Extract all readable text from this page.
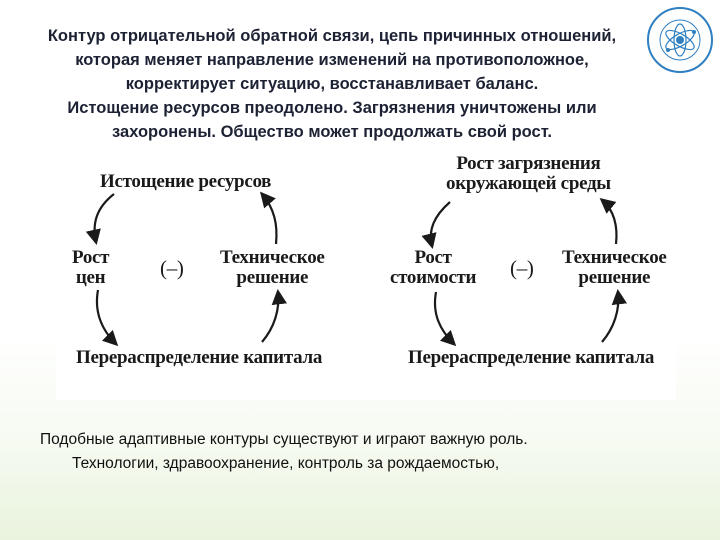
Контур отрицательной обратной связи, цепь причинных отношений,
которая меняет направление изменений на противоположное,
корректирует ситуацию, восстанавливает баланс.
Истощение ресурсов преодолено. Загрязнения уничтожены или
захоронены. Общество может продолжать свой рост.
Истощение ресурсов
Рост
цен	(–) Техническое
решение
Перераспределение капитала
Рост загрязнения
окружающей среды
Рост
стоимости (–) Техническое
решение
Перераспределение капитала

Подобные адаптивные контуры существуют и играют важную роль.
Технологии, здравоохранение, контроль за рождаемостью,
